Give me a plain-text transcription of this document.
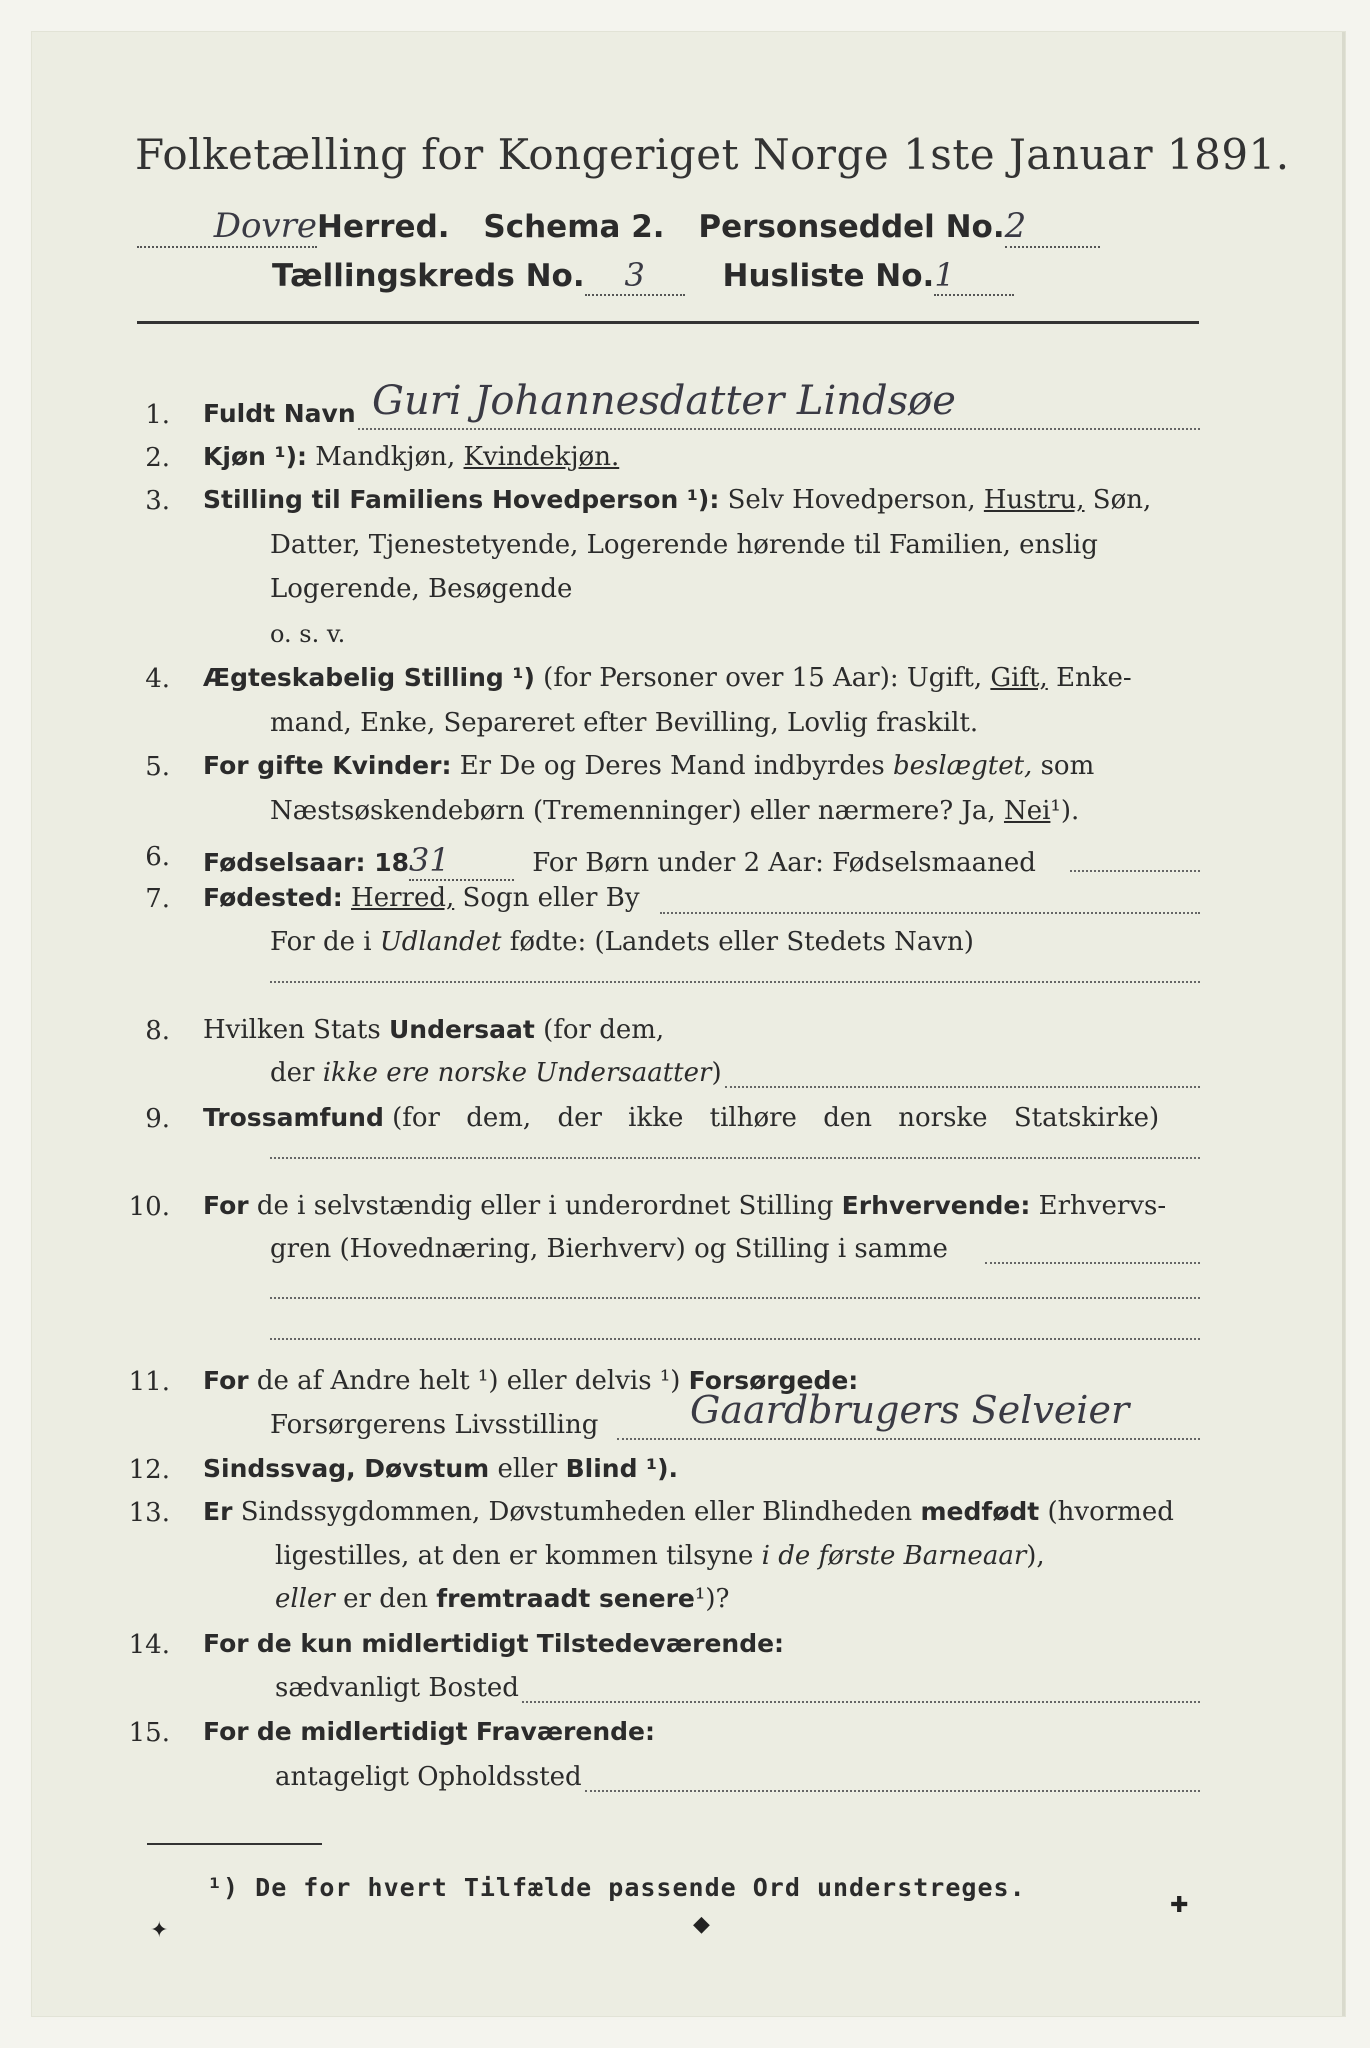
Folketælling for Kongeriget Norge 1ste Januar 1891.
DovreHerred. Schema 2. Personseddel No.2
Tællingskreds No. 3	Husliste No.1
1. Fuldt Navn Guri Johannesdatter Lindsøe
2. Kjøn ¹): Mandkjøn, Kvindekjøn.
3. Stilling til Familiens Hovedperson ¹): Selv Hovedperson, Hustru, Søn,
Datter, Tjenestetyende, Logerende hørende til Familien, enslig
Logerende, Besøgende
o. s. v.
4. Ægteskabelig Stilling ¹) (for Personer over 15 Aar): Ugift, Gift, Enke-
mand, Enke, Separeret efter Bevilling, Lovlig fraskilt.
5. For gifte Kvinder: Er De og Deres Mand indbyrdes beslægtet, som
Næstsøskendebørn (Tremenninger) eller nærmere? Ja, Nei¹).
6. Fødselsaar: 1831	For Børn under 2 Aar: Fødselsmaaned
7. Fødested: Herred, Sogn eller By
For de i Udlandet fødte: (Landets eller Stedets Navn)
8. Hvilken Stats Undersaat (for dem,
der ikke ere norske Undersaatter)
9. Trossamfund (for dem, der ikke tilhøre den norske Statskirke)
10. For de i selvstændig eller i underordnet Stilling Erhvervende: Erhvervs-
gren (Hovednæring, Bierhverv) og Stilling i samme
11. For de af Andre helt ¹) eller delvis ¹) Forsørgede:
Forsørgerens Livsstilling Gaardbrugers Selveier
12. Sindssvag, Døvstum eller Blind ¹).
13. Er Sindssygdommen, Døvstumheden eller Blindheden medfødt (hvormed
ligestilles, at den er kommen tilsyne i de første Barneaar),
eller er den fremtraadt senere¹)?
14. For de kun midlertidigt Tilstedeværende:
sædvanligt Bosted
15. For de midlertidigt Fraværende:
antageligt Opholdssted
¹) De for hvert Tilfælde passende Ord understreges.
✦	◆
✚
